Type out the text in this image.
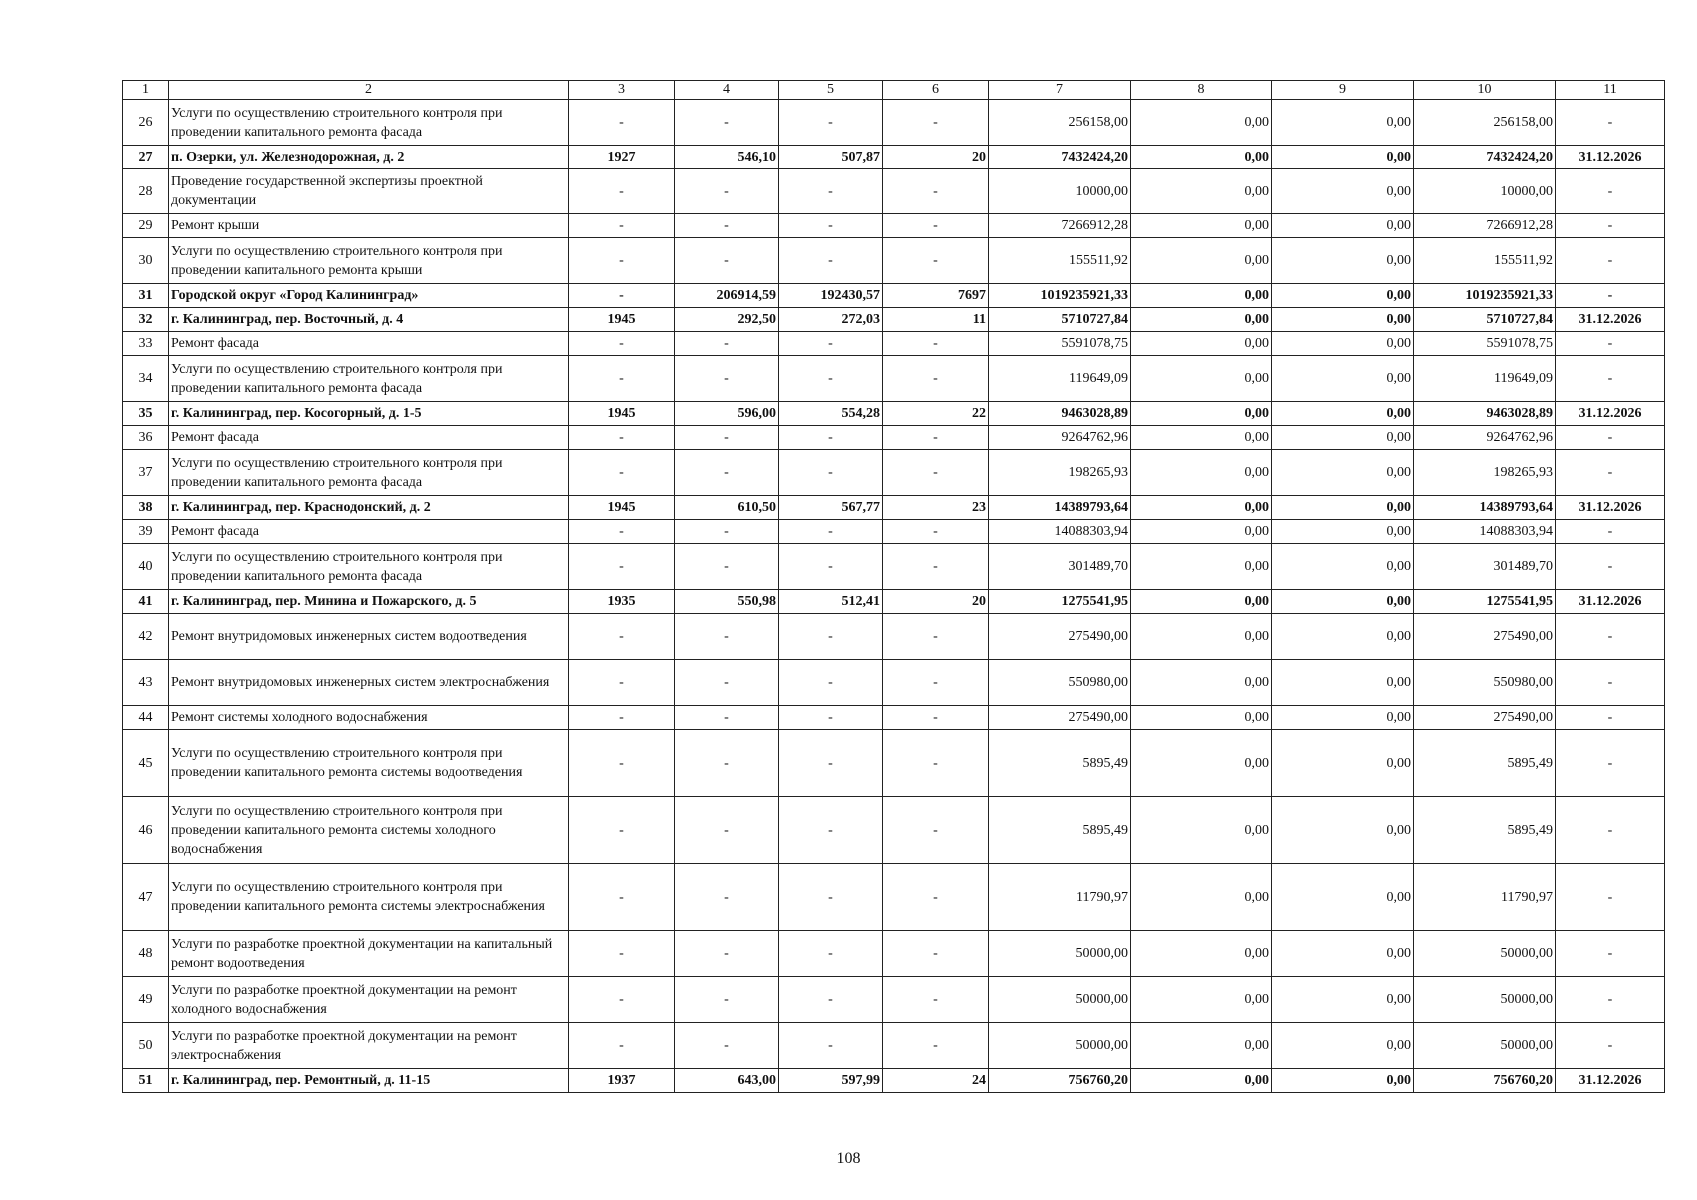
1	2	3	4	5	6	7	8	9	10	11
26	Услуги по осуществлению строительного контроля при проведении капитального ремонта фасада	-	-	-	-	256158,00	0,00	0,00	256158,00	-
27	п. Озерки, ул. Железнодорожная, д. 2	1927	546,10	507,87	20	7432424,20	0,00	0,00	7432424,20	31.12.2026
28	Проведение государственной экспертизы проектной документации	-	-	-	-	10000,00	0,00	0,00	10000,00	-
29	Ремонт крыши	-	-	-	-	7266912,28	0,00	0,00	7266912,28	-
30	Услуги по осуществлению строительного контроля при проведении капитального ремонта крыши	-	-	-	-	155511,92	0,00	0,00	155511,92	-
31	Городской округ «Город Калининград»	-	206914,59	192430,57	7697	1019235921,33	0,00	0,00	1019235921,33	-
32	г. Калининград, пер. Восточный, д. 4	1945	292,50	272,03	11	5710727,84	0,00	0,00	5710727,84	31.12.2026
33	Ремонт фасада	-	-	-	-	5591078,75	0,00	0,00	5591078,75	-
34	Услуги по осуществлению строительного контроля при проведении капитального ремонта фасада	-	-	-	-	119649,09	0,00	0,00	119649,09	-
35	г. Калининград, пер. Косогорный, д. 1-5	1945	596,00	554,28	22	9463028,89	0,00	0,00	9463028,89	31.12.2026
36	Ремонт фасада	-	-	-	-	9264762,96	0,00	0,00	9264762,96	-
37	Услуги по осуществлению строительного контроля при проведении капитального ремонта фасада	-	-	-	-	198265,93	0,00	0,00	198265,93	-
38	г. Калининград, пер. Краснодонский, д. 2	1945	610,50	567,77	23	14389793,64	0,00	0,00	14389793,64	31.12.2026
39	Ремонт фасада	-	-	-	-	14088303,94	0,00	0,00	14088303,94	-
40	Услуги по осуществлению строительного контроля при проведении капитального ремонта фасада	-	-	-	-	301489,70	0,00	0,00	301489,70	-
41	г. Калининград, пер. Минина и Пожарского, д. 5	1935	550,98	512,41	20	1275541,95	0,00	0,00	1275541,95	31.12.2026
42	Ремонт внутридомовых инженерных систем водоотведения	-	-	-	-	275490,00	0,00	0,00	275490,00	-
43	Ремонт внутридомовых инженерных систем электроснабжения	-	-	-	-	550980,00	0,00	0,00	550980,00	-
44	Ремонт системы холодного водоснабжения	-	-	-	-	275490,00	0,00	0,00	275490,00	-
45	Услуги по осуществлению строительного контроля при проведении капитального ремонта системы водоотведения	-	-	-	-	5895,49	0,00	0,00	5895,49	-
46	Услуги по осуществлению строительного контроля при проведении капитального ремонта системы холодного водоснабжения	-	-	-	-	5895,49	0,00	0,00	5895,49	-
47	Услуги по осуществлению строительного контроля при проведении капитального ремонта системы электроснабжения	-	-	-	-	11790,97	0,00	0,00	11790,97	-
48	Услуги по разработке проектной документации на капитальный ремонт водоотведения	-	-	-	-	50000,00	0,00	0,00	50000,00	-
49	Услуги по разработке проектной документации на ремонт холодного водоснабжения	-	-	-	-	50000,00	0,00	0,00	50000,00	-
50	Услуги по разработке проектной документации на ремонт электроснабжения	-	-	-	-	50000,00	0,00	0,00	50000,00	-
51	г. Калининград, пер. Ремонтный, д. 11-15	1937	643,00	597,99	24	756760,20	0,00	0,00	756760,20	31.12.2026
108
